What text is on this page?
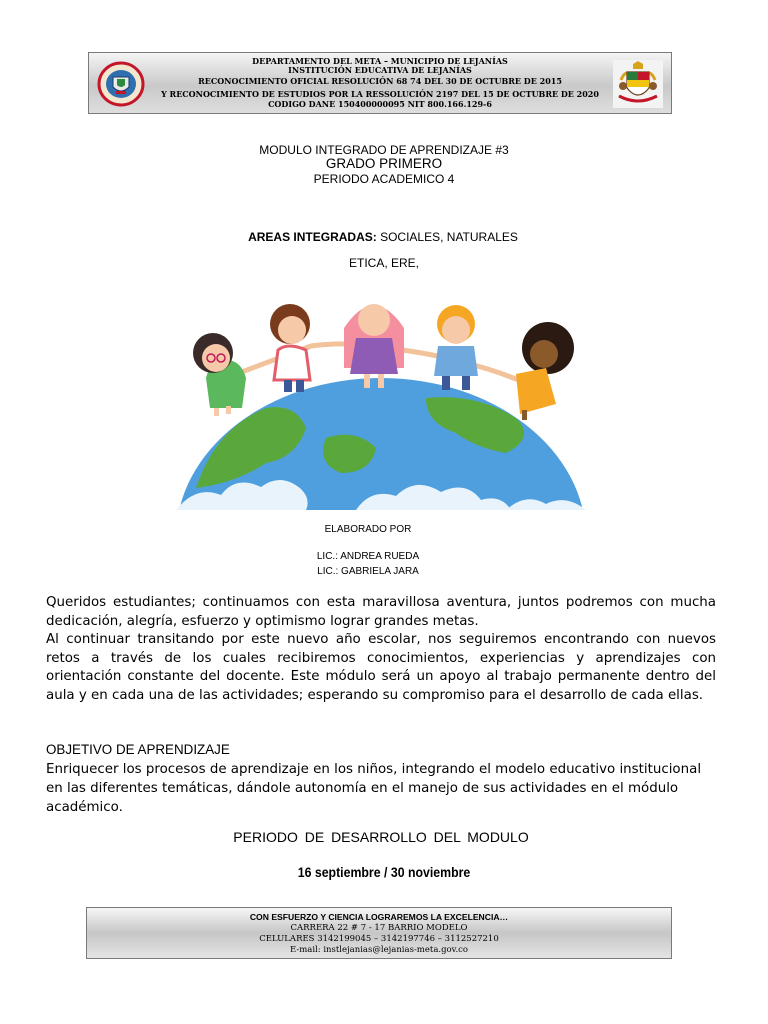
DEPARTAMENTO DEL META – MUNICIPIO DE LEJANÍAS
INSTITUCIÓN EDUCATIVA DE LEJANÍAS
RECONOCIMIENTO OFICIAL RESOLUCIÓN 68 74 DEL 30 DE OCTUBRE DE 2015
Y RECONOCIMIENTO DE ESTUDIOS POR LA RESSOLUCIÓN 2197 DEL 15 DE OCTUBRE DE 2020
CODIGO DANE 150400000095 NIT 800.166.129-6
MODULO INTEGRADO DE APRENDIZAJE #3
GRADO PRIMERO
PERIODO ACADEMICO 4
AREAS INTEGRADAS: SOCIALES, NATURALES
ETICA, ERE,
ELABORADO POR
LIC.: ANDREA RUEDA
LIC.: GABRIELA JARA

Queridos estudiantes; continuamos con esta maravillosa aventura, juntos podremos con mucha dedicación, alegría, esfuerzo y optimismo lograr grandes metas.

Al continuar transitando por este nuevo año escolar, nos seguiremos encontrando con nuevos retos a través de los cuales recibiremos conocimientos, experiencias y aprendizajes con orientación constante del docente. Este módulo será un apoyo al trabajo permanente dentro del aula y en cada una de las actividades; esperando su compromiso para el desarrollo de cada ellas.

OBJETIVO DE APRENDIZAJE
Enriquecer los procesos de aprendizaje en los niños, integrando el modelo educativo institucional en las diferentes temáticas, dándole autonomía en el manejo de sus actividades en el módulo académico.
PERIODO DE DESARROLLO DEL MODULO
16 septiembre / 30 noviembre
CON ESFUERZO Y CIENCIA LOGRAREMOS LA EXCELENCIA…
CARRERA 22 # 7 - 17 BARRIO MODELO
CELULARES 3142199045 – 3142197746 – 3112527210
E-mail: instlejanias@lejanias-meta.gov.co
